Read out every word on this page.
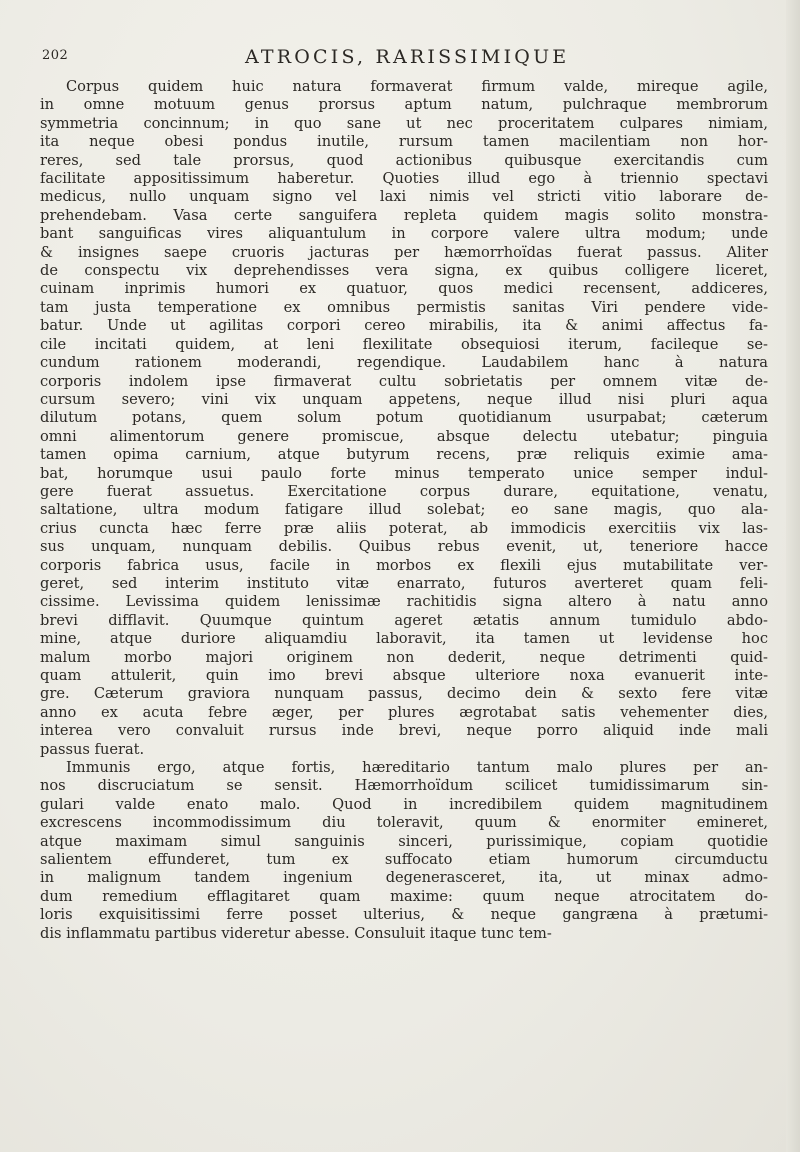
202	ATROCIS, RARISSIMIQUE
Corpus quidem huic natura formaverat firmum valde, mireque agile,
in omne motuum genus prorsus aptum natum, pulchraque membrorum
symmetria concinnum; in quo sane ut nec proceritatem culpares nimiam,
ita neque obesi pondus inutile, rursum tamen macilentiam non hor-
reres, sed tale prorsus, quod actionibus quibusque exercitandis cum
facilitate appositissimum haberetur. Quoties illud ego à triennio spectavi
medicus, nullo unquam signo vel laxi nimis vel stricti vitio laborare de-
prehendebam. Vasa certe sanguifera repleta quidem magis solito monstra-
bant sanguificas vires aliquantulum in corpore valere ultra modum; unde
& insignes saepe cruoris jacturas per hæmorrhoïdas fuerat passus. Aliter
de conspectu vix deprehendisses vera signa, ex quibus colligere liceret,
cuinam inprimis humori ex quatuor, quos medici recensent, addiceres,
tam justa temperatione ex omnibus permistis sanitas Viri pendere vide-
batur. Unde ut agilitas corpori cereo mirabilis, ita & animi affectus fa-
cile incitati quidem, at leni flexilitate obsequiosi iterum, facileque se-
cundum rationem moderandi, regendique. Laudabilem hanc à natura
corporis indolem ipse firmaverat cultu sobrietatis per omnem vitæ de-
cursum severo; vini vix unquam appetens, neque illud nisi pluri aqua
dilutum potans, quem solum potum quotidianum usurpabat; cæterum
omni alimentorum genere promiscue, absque delectu utebatur; pinguia
tamen opima carnium, atque butyrum recens, præ reliquis eximie ama-
bat, horumque usui paulo forte minus temperato unice semper indul-
gere fuerat assuetus. Exercitatione corpus durare, equitatione, venatu,
saltatione, ultra modum fatigare illud solebat; eo sane magis, quo ala-
crius cuncta hæc ferre præ aliis poterat, ab immodicis exercitiis vix las-
sus unquam, nunquam debilis. Quibus rebus evenit, ut, teneriore hacce
corporis fabrica usus, facile in morbos ex flexili ejus mutabilitate ver-
geret, sed interim instituto vitæ enarrato, futuros averteret quam feli-
cissime. Levissima quidem lenissimæ rachitidis signa altero à natu anno
brevi difflavit. Quumque quintum ageret ætatis annum tumidulo abdo-
mine, atque duriore aliquamdiu laboravit, ita tamen ut levidense hoc
malum morbo majori originem non dederit, neque detrimenti quid-
quam attulerit, quin imo brevi absque ulteriore noxa evanuerit inte-
gre. Cæterum graviora nunquam passus, decimo dein & sexto fere vitæ
anno ex acuta febre æger, per plures ægrotabat satis vehementer dies,
interea vero convaluit rursus inde brevi, neque porro aliquid inde mali
passus fuerat.
Immunis ergo, atque fortis, hæreditario tantum malo plures per an-
nos discruciatum se sensit. Hæmorrhoïdum scilicet tumidissimarum sin-
gulari valde enato malo. Quod in incredibilem quidem magnitudinem
excrescens incommodissimum diu toleravit, quum & enormiter emineret,
atque maximam simul sanguinis sinceri, purissimique, copiam quotidie
salientem effunderet, tum ex suffocato etiam humorum circumductu
in malignum tandem ingenium degenerasceret, ita, ut minax admo-
dum remedium efflagitaret quam maxime: quum neque atrocitatem do-
loris exquisitissimi ferre posset ulterius, & neque gangræna à prætumi-
dis inflammatu partibus videretur abesse. Consuluit itaque tunc tem-
